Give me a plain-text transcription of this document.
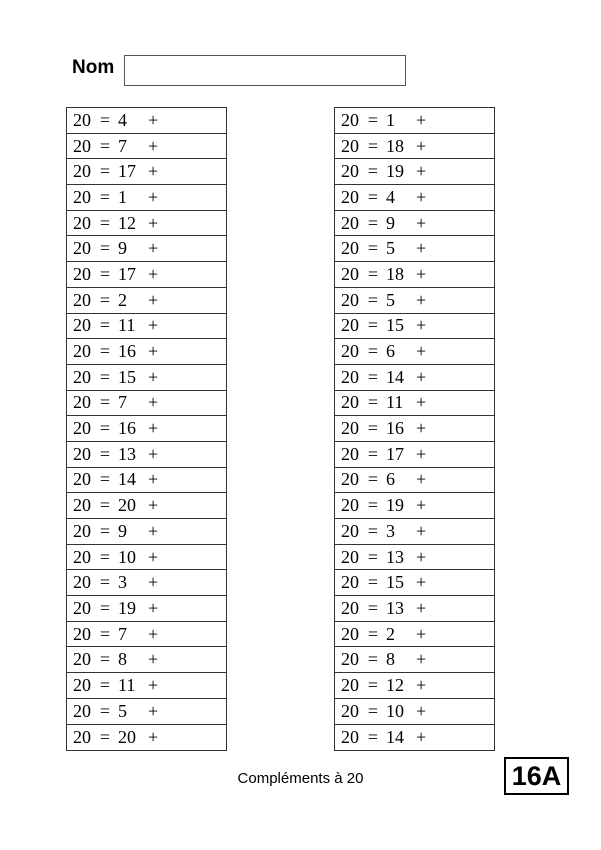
Nom
20 = 4	+
20 = 7	+
20 = 17 +
20 = 1	+
20 = 12 +
20 = 9	+
20 = 17 +
20 = 2	+
20 = 11 +
20 = 16 +
20 = 15 +
20 = 7	+
20 = 16 +
20 = 13 +
20 = 14 +
20 = 20 +
20 = 9	+
20 = 10 +
20 = 3	+
20 = 19 +
20 = 7	+
20 = 8	+
20 = 11 +
20 = 5	+
20 = 20 +
20 = 1	+
20 = 18 +
20 = 19 +
20 = 4	+
20 = 9	+
20 = 5	+
20 = 18 +
20 = 5	+
20 = 15 +
20 = 6	+
20 = 14 +
20 = 11 +
20 = 16 +
20 = 17 +
20 = 6	+
20 = 19 +
20 = 3	+
20 = 13 +
20 = 15 +
20 = 13 +
20 = 2	+
20 = 8	+
20 = 12 +
20 = 10 +
20 = 14 +
Compléments à 20	16A
